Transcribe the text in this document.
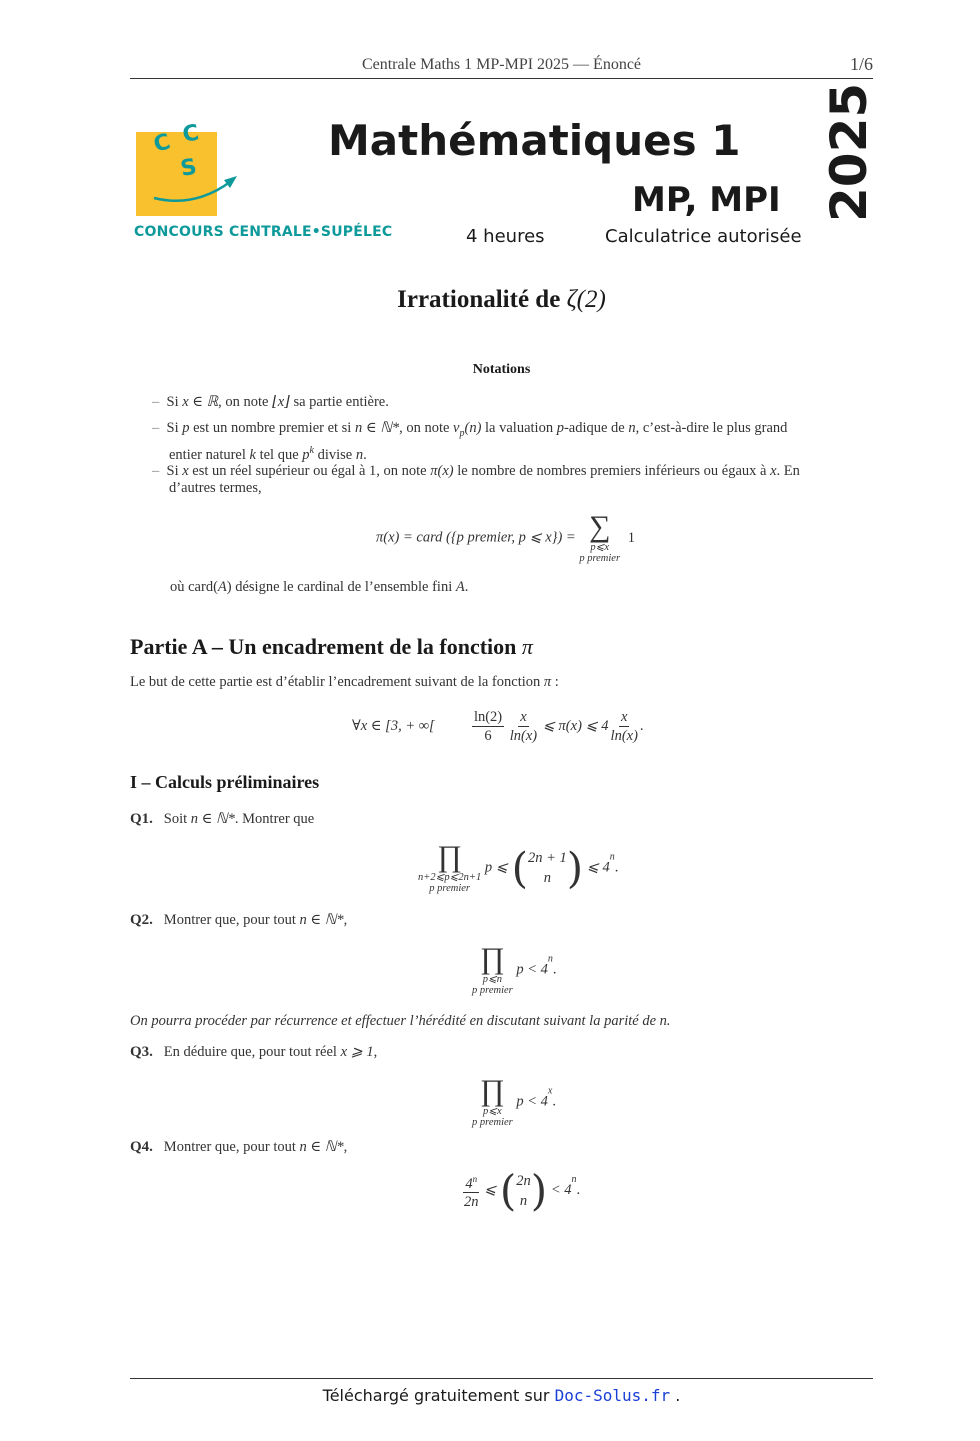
Centrale Maths 1 MP-MPI 2025 — Énoncé	1/6
C C
S
CONCOURS CENTRALE•SUPÉLEC
Mathématiques 1
MP, MPI
4 heures	Calculatrice autorisée
2025
Irrationalité de ζ(2)
Notations
– Si x ∈ ℝ, on note ⌊x⌋ sa partie entière.
– Si p est un nombre premier et si n ∈ ℕ*, on note $v_p(n)$ la valuation p-adique de n, c’est-à-dire le plus grand
entier naturel k tel que $p^k$ divise n.
– Si x est un réel supérieur ou égal à 1, on note π(x) le nombre de nombres premiers inférieurs ou égaux à x. En
d’autres termes,
π(x) = card ({p premier, p ⩽ x}) = ∑
p⩽x
p premier
1
où card(A) désigne le cardinal de l’ensemble fini A.
Partie A – Un encadrement de la fonction π
Le but de cette partie est d’établir l’encadrement suivant de la fonction π :
∀x ∈ [3, + ∞[	$\frac{\ln(2)}{6}$
$\frac{x}{\ln(x)}$ ⩽ π(x) ⩽ $4 \frac{x}{\ln(x)}$ .
I – Calculs préliminaires
Q1. Soit n ∈ ℕ*. Montrer que
∏
n+2⩽p⩽2n+1
p premier
p ⩽ ( 2n + 1
n ) ⩽ 4$^n$.
Q2. Montrer que, pour tout n ∈ ℕ*,
∏
p⩽n
p premier
$p < 4^n$.
On pourra procéder par récurrence et effectuer l’hérédité en discutant suivant la parité de n.
Q3. En déduire que, pour tout réel x ⩾ 1,
∏
p⩽x
p premier
$p < 4^x$.
Q4. Montrer que, pour tout n ∈ ℕ*,
$\frac{4^n}{2n}$ ⩽ ( 2n
n ) < $4^n$.
Téléchargé gratuitement sur Doc-Solus.fr .
